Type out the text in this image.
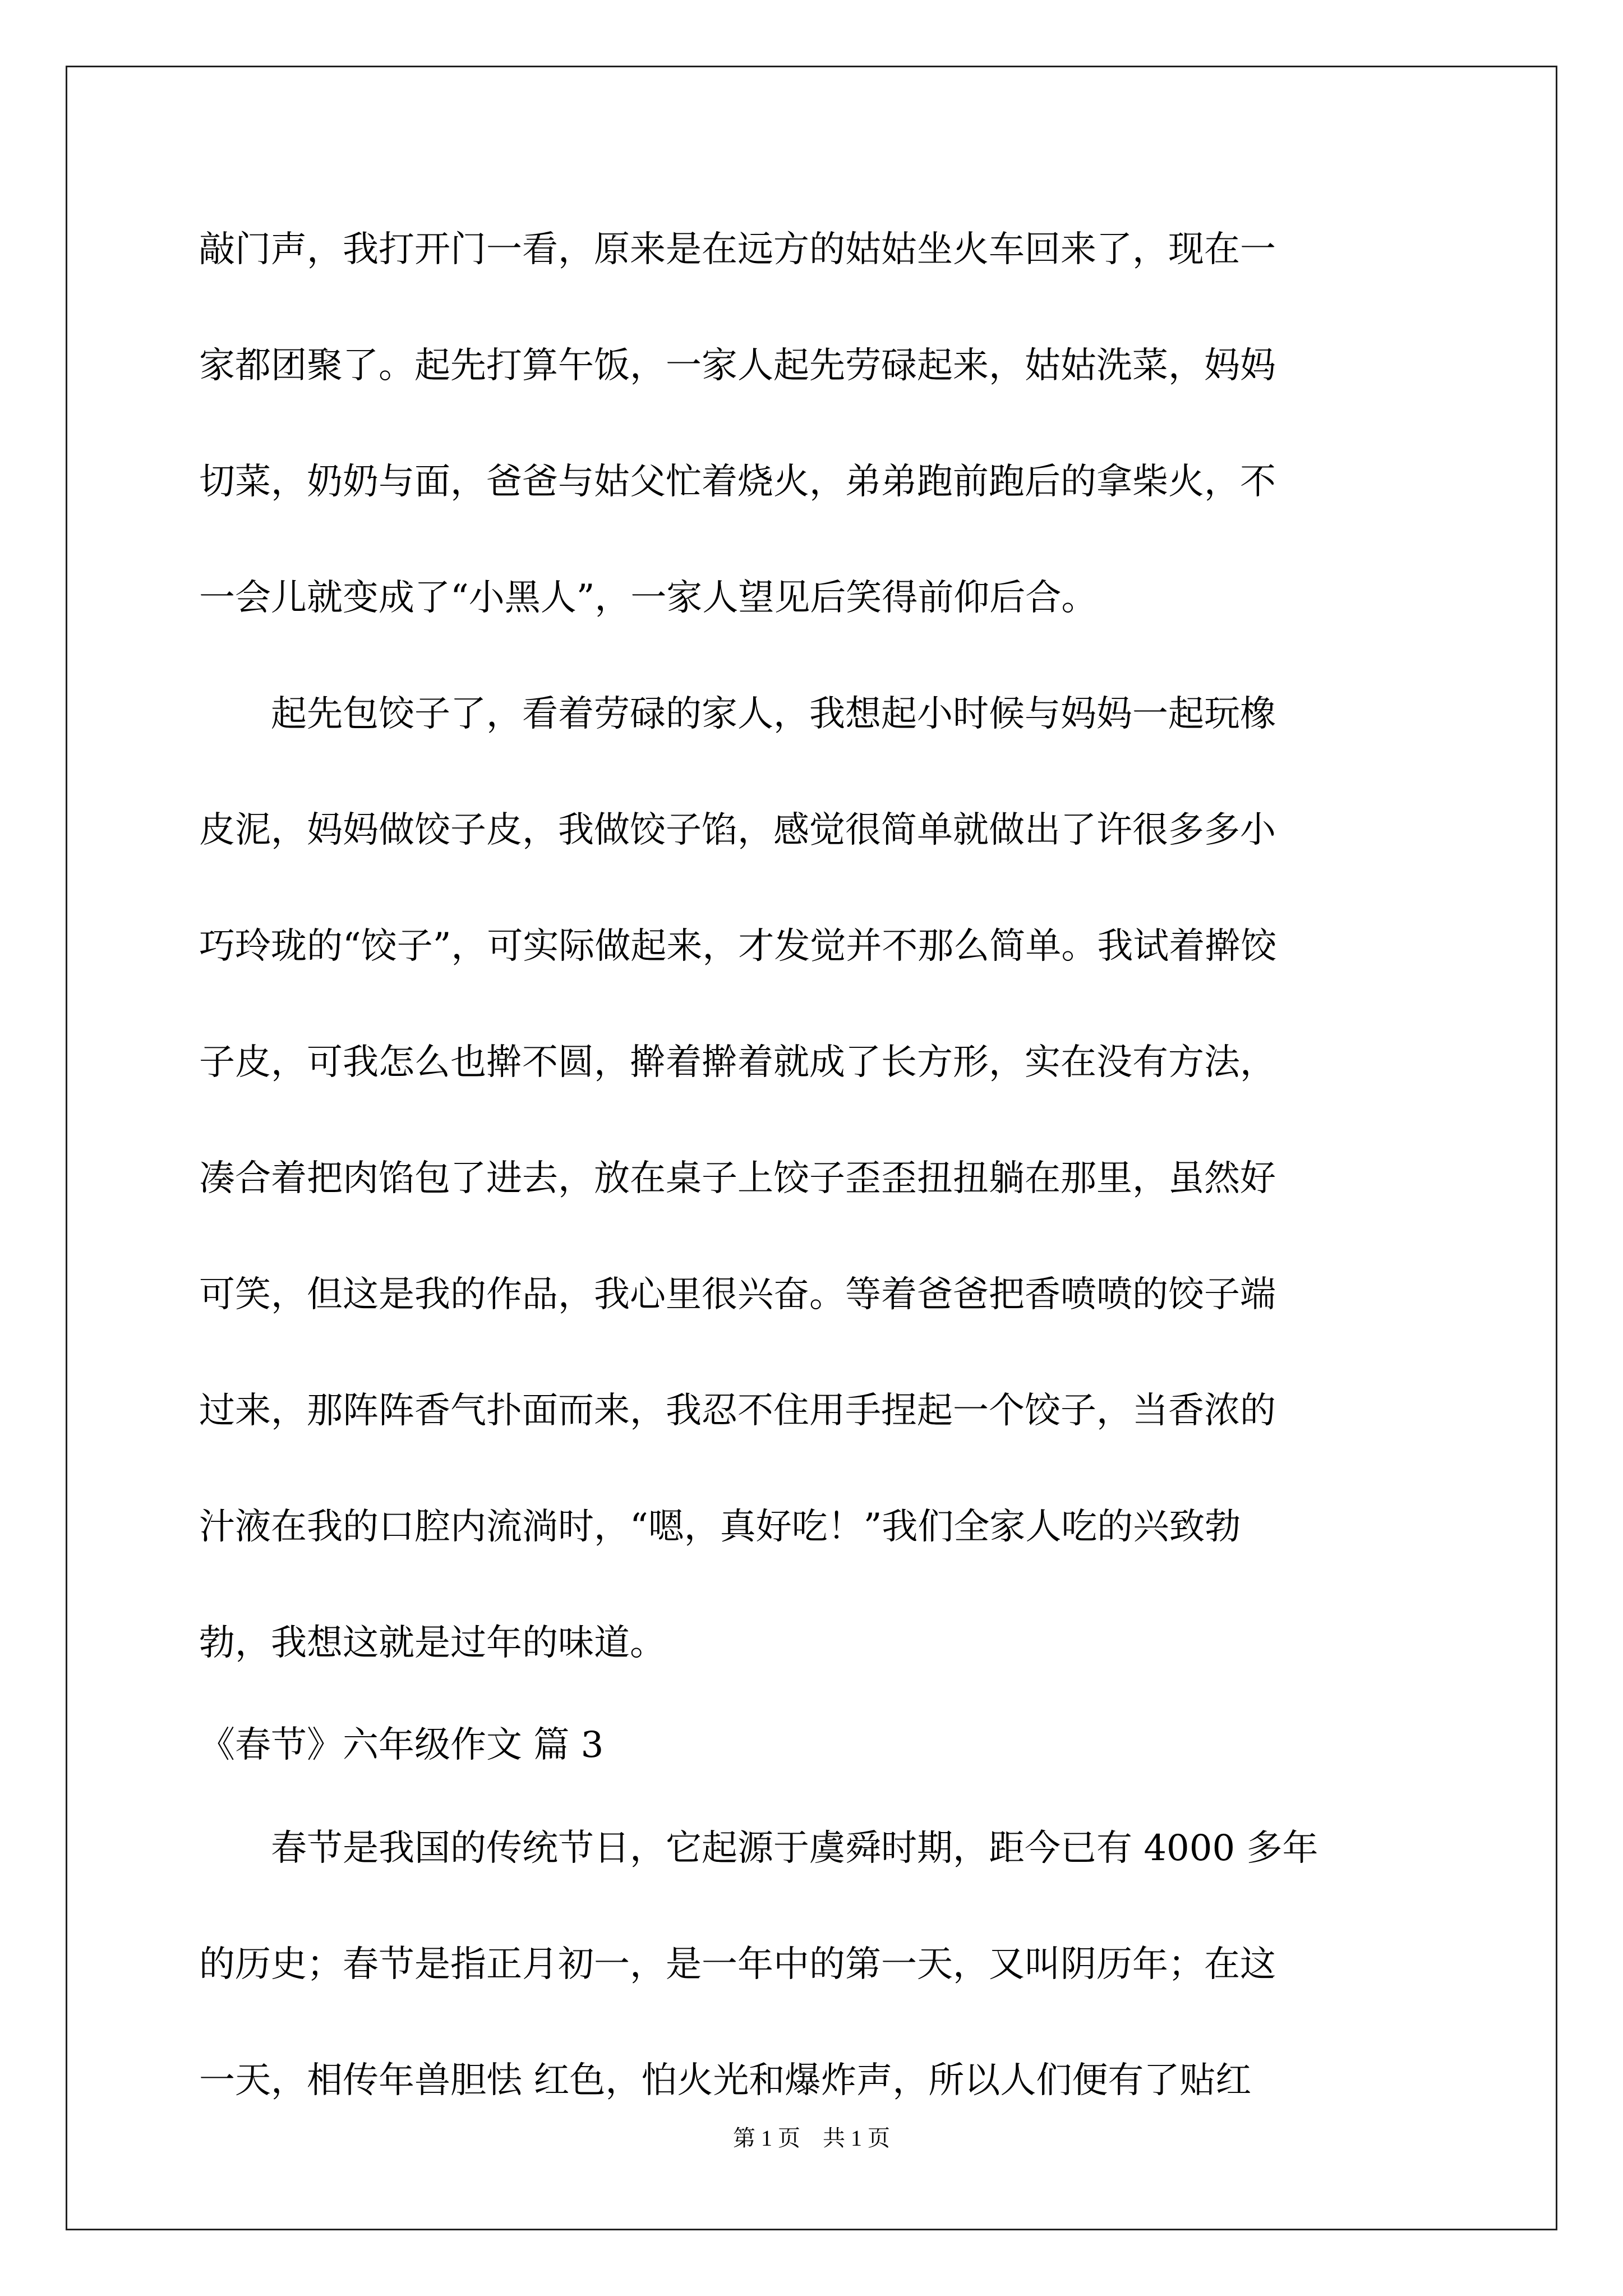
敲门声，我打开门一看，原来是在远方的姑姑坐火车回来了，现在一
家都团聚了。起先打算午饭，一家人起先劳碌起来，姑姑洗菜，妈妈
切菜，奶奶与面，爸爸与姑父忙着烧火，弟弟跑前跑后的拿柴火，不
一会儿就变成了“小黑人”，一家人望见后笑得前仰后合。
　　起先包饺子了，看着劳碌的家人，我想起小时候与妈妈一起玩橡
皮泥，妈妈做饺子皮，我做饺子馅，感觉很简单就做出了许很多多小
巧玲珑的“饺子”，可实际做起来，才发觉并不那么简单。我试着擀饺
子皮，可我怎么也擀不圆，擀着擀着就成了长方形，实在没有方法，
凑合着把肉馅包了进去，放在桌子上饺子歪歪扭扭躺在那里，虽然好
可笑，但这是我的作品，我心里很兴奋。等着爸爸把香喷喷的饺子端
过来，那阵阵香气扑面而来，我忍不住用手捏起一个饺子，当香浓的
汁液在我的口腔内流淌时，“嗯，真好吃！”我们全家人吃的兴致勃
勃，我想这就是过年的味道。
《春节》六年级作文 篇 3
　　春节是我国的传统节日，它起源于虞舜时期，距今已有 4000 多年
的历史；春节是指正月初一，是一年中的第一天，又叫阴历年；在这
一天，相传年兽胆怯 红色，怕火光和爆炸声，所以人们便有了贴红
第 1 页　共 1 页
